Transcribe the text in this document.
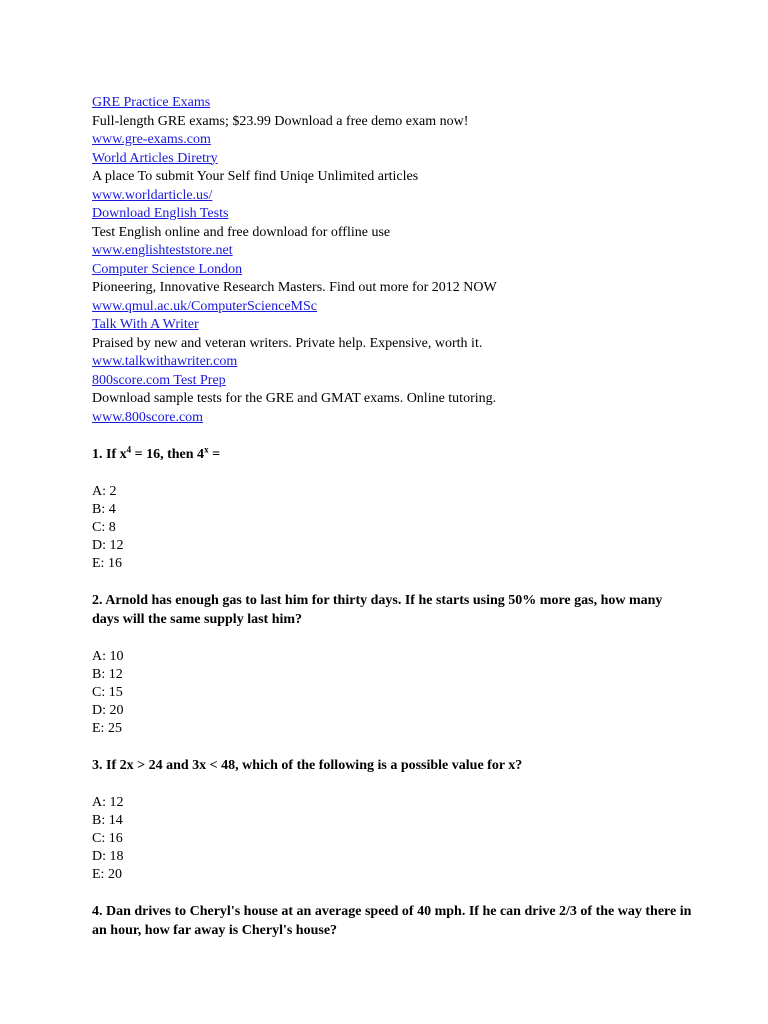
GRE Practice Exams
Full-length GRE exams; $23.99 Download a free demo exam now!
www.gre-exams.com
World Articles Diretry
A place To submit Your Self find Uniqe Unlimited articles
www.worldarticle.us/
Download English Tests
Test English online and free download for offline use
www.englishteststore.net
Computer Science London
Pioneering, Innovative Research Masters. Find out more for 2012 NOW
www.qmul.ac.uk/ComputerScienceMSc
Talk With A Writer
Praised by new and veteran writers. Private help. Expensive, worth it.
www.talkwithawriter.com
800score.com Test Prep
Download sample tests for the GRE and GMAT exams. Online tutoring.
www.800score.com
1. If $x^4 = 16$, then $4^x$ =
A: 2
B: 4
C: 8
D: 12
E: 16
2. Arnold has enough gas to last him for thirty days. If he starts using 50% more gas, how many days will the same supply last him?
A: 10
B: 12
C: 15
D: 20
E: 25
3. If 2x > 24 and 3x < 48, which of the following is a possible value for x?
A: 12
B: 14
C: 16
D: 18
E: 20
4. Dan drives to Cheryl's house at an average speed of 40 mph. If he can drive 2/3 of the way there in an hour, how far away is Cheryl's house?
